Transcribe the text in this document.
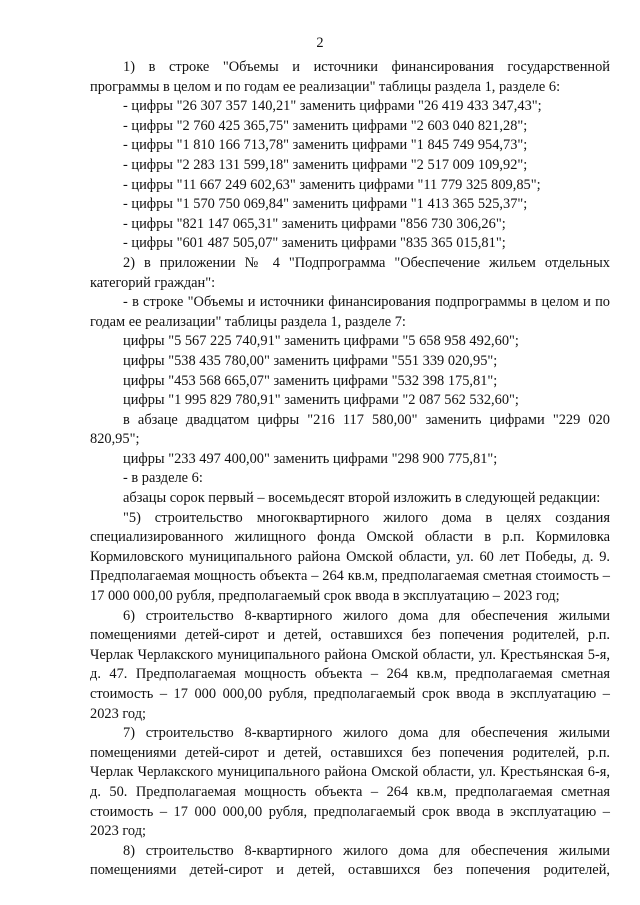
2

1) в строке "Объемы и источники финансирования государственной программы в целом и по годам ее реализации" таблицы раздела 1, разделе 6:

- цифры "26 307 357 140,21" заменить цифрами "26 419 433 347,43";

- цифры "2 760 425 365,75" заменить цифрами "2 603 040 821,28";

- цифры "1 810 166 713,78" заменить цифрами "1 845 749 954,73";

- цифры "2 283 131 599,18" заменить цифрами "2 517 009 109,92";

- цифры "11 667 249 602,63" заменить цифрами "11 779 325 809,85";

- цифры "1 570 750 069,84" заменить цифрами "1 413 365 525,37";

- цифры "821 147 065,31" заменить цифрами "856 730 306,26";

- цифры "601 487 505,07" заменить цифрами "835 365 015,81";

2) в приложении № 4 "Подпрограмма "Обеспечение жильем отдельных категорий граждан":

- в строке "Объемы и источники финансирования подпрограммы в целом и по годам ее реализации" таблицы раздела 1, разделе 7:

цифры "5 567 225 740,91" заменить цифрами "5 658 958 492,60";

цифры "538 435 780,00" заменить цифрами "551 339 020,95";

цифры "453 568 665,07" заменить цифрами "532 398 175,81";

цифры "1 995 829 780,91" заменить цифрами "2 087 562 532,60";

в абзаце двадцатом цифры "216 117 580,00" заменить цифрами "229 020 820,95";

цифры "233 497 400,00" заменить цифрами "298 900 775,81";

- в разделе 6:

абзацы сорок первый – восемьдесят второй изложить в следующей редакции:

"5) строительство многоквартирного жилого дома в целях создания специализированного жилищного фонда Омской области в р.п. Кормиловка Кормиловского муниципального района Омской области, ул. 60 лет Победы, д. 9. Предполагаемая мощность объекта – 264 кв.м, предполагаемая сметная стоимость – 17 000 000,00 рубля, предполагаемый срок ввода в эксплуатацию – 2023 год;

6) строительство 8-квартирного жилого дома для обеспечения жилыми помещениями детей-сирот и детей, оставшихся без попечения родителей, р.п. Черлак Черлакского муниципального района Омской области, ул. Крестьянская 5-я, д. 47. Предполагаемая мощность объекта – 264 кв.м, предполагаемая сметная стоимость – 17 000 000,00 рубля, предполагаемый срок ввода в эксплуатацию – 2023 год;

7) строительство 8-квартирного жилого дома для обеспечения жилыми помещениями детей-сирот и детей, оставшихся без попечения родителей, р.п. Черлак Черлакского муниципального района Омской области, ул. Крестьянская 6-я, д. 50. Предполагаемая мощность объекта – 264 кв.м, предполагаемая сметная стоимость – 17 000 000,00 рубля, предполагаемый срок ввода в эксплуатацию – 2023 год;

8) строительство 8-квартирного жилого дома для обеспечения жилыми помещениями детей-сирот и детей, оставшихся без попечения родителей,
